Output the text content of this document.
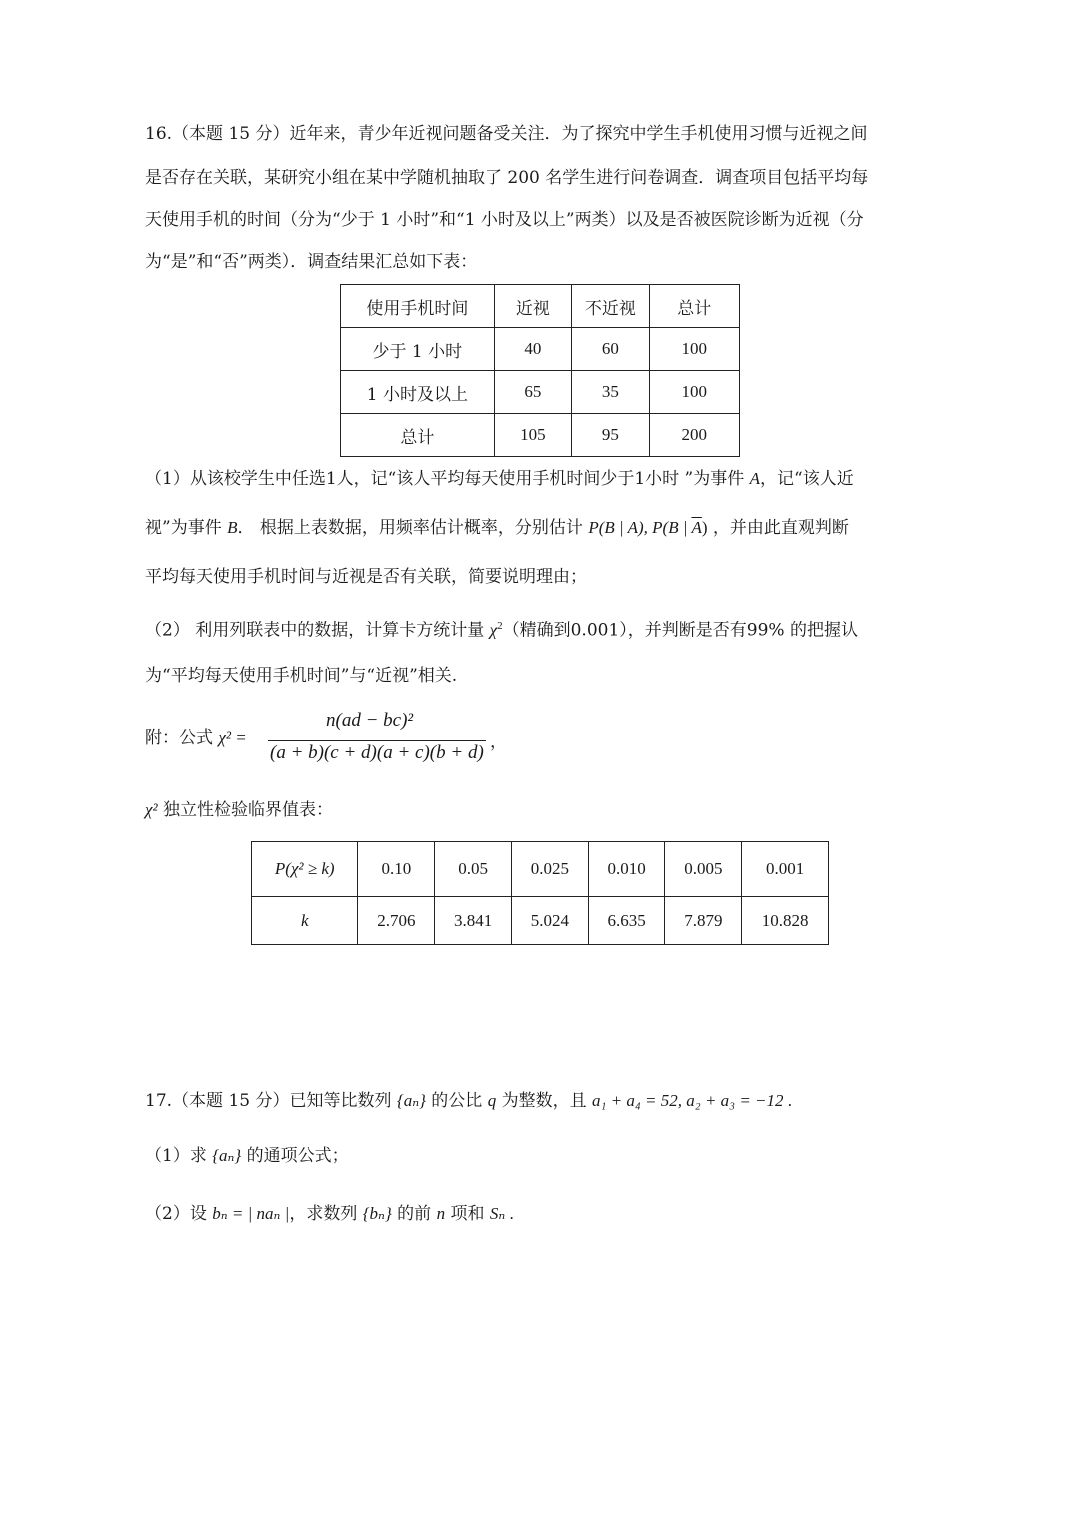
16.（本题 15 分）近年来，青少年近视问题备受关注．为了探究中学生手机使用习惯与近视之间
是否存在关联，某研究小组在某中学随机抽取了 200 名学生进行问卷调查．调查项目包括平均每
天使用手机的时间（分为“少于 1 小时”和“1 小时及以上”两类）以及是否被医院诊断为近视（分
为“是”和“否”两类）．调查结果汇总如下表：
使用手机时间	近视	不近视	总计
少于 1 小时	40	60	100
1 小时及以上	65	35	100
总计	105	95	200
（1）从该校学生中任选1人，记“该人平均每天使用手机时间少于1小时 ”为事件 A，记“该人近
视”为事件 B． 根据上表数据，用频率估计概率，分别估计 P(B | A), P(B | $\overline{A}$) ，并由此直观判断
平均每天使用手机时间与近视是否有关联，简要说明理由；
（2） 利用列联表中的数据，计算卡方统计量 $\chi^2$（精确到0.001），并判断是否有99% 的把握认
为“平均每天使用手机时间”与“近视”相关.
附：公式 χ² =
n(ad − bc)²
(a + b)(c + d)(a + c)(b + d) ，
χ² 独立性检验临界值表：
P(χ² ≥ k)	0.10	0.05	0.025	0.010	0.005	0.001
k	2.706	3.841	5.024	6.635	7.879	10.828
17.（本题 15 分）已知等比数列 {aₙ} 的公比 q 为整数，且 a₁ + a₄ = 52, a₂ + a₃ = −12 .
（1）求 {aₙ} 的通项公式；
（2）设 bₙ = | naₙ |，求数列 {bₙ} 的前 n 项和 Sₙ .
